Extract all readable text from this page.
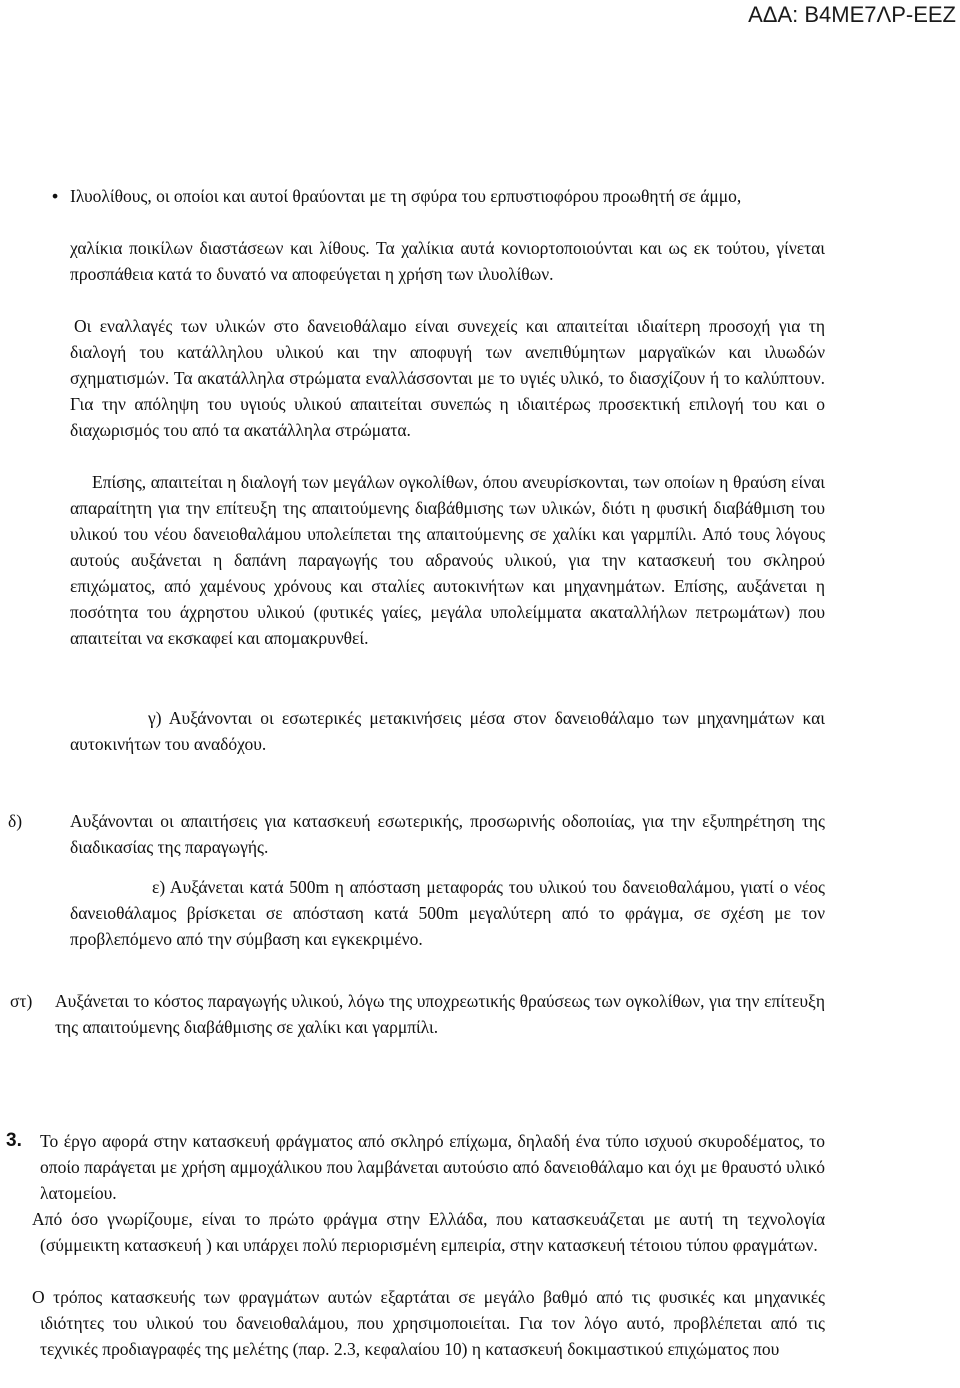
ΑΔΑ: Β4ΜΕ7ΛΡ-ΕΕΖ
• Ιλυολίθους, οι οποίοι και αυτοί θραύονται με τη σφύρα του ερπυστιοφόρου προωθητή σε άμμο,
χαλίκια ποικίλων διαστάσεων και λίθους. Τα χαλίκια αυτά κονιορτοποιούνται και ως εκ τούτου, γίνεται προσπάθεια κατά το δυνατό να αποφεύγεται η χρήση των ιλυολίθων.
Οι εναλλαγές των υλικών στο δανειοθάλαμο είναι συνεχείς και απαιτείται ιδιαίτερη προσοχή για τη διαλογή του κατάλληλου υλικού και την αποφυγή των ανεπιθύμητων μαργαϊκών και ιλυωδών σχηματισμών. Τα ακατάλληλα στρώματα εναλλάσσονται με το υγιές υλικό, το διασχίζουν ή το καλύπτουν. Για την απόληψη του υγιούς υλικού απαιτείται συνεπώς η ιδιαιτέρως προσεκτική επιλογή του και ο διαχωρισμός του από τα ακατάλληλα στρώματα.
Επίσης, απαιτείται η διαλογή των μεγάλων ογκολίθων, όπου ανευρίσκονται, των οποίων η θραύση είναι απαραίτητη για την επίτευξη της απαιτούμενης διαβάθμισης των υλικών, διότι η φυσική διαβάθμιση του υλικού του νέου δανειοθαλάμου υπολείπεται της απαιτούμενης σε χαλίκι και γαρμπίλι. Από τους λόγους αυτούς αυξάνεται η δαπάνη παραγωγής του αδρανούς υλικού, για την κατασκευή του σκληρού επιχώματος, από χαμένους χρόνους και σταλίες αυτοκινήτων και μηχανημάτων. Επίσης, αυξάνεται η ποσότητα του άχρηστου υλικού (φυτικές γαίες, μεγάλα υπολείμματα ακαταλλήλων πετρωμάτων) που απαιτείται να εκσκαφεί και απομακρυνθεί.
γ) Αυξάνονται οι εσωτερικές μετακινήσεις μέσα στον δανειοθάλαμο των μηχανημάτων και αυτοκινήτων του αναδόχου.
δ)	Αυξάνονται οι απαιτήσεις για κατασκευή εσωτερικής, προσωρινής οδοποιίας, για την εξυπηρέτηση της διαδικασίας της παραγωγής.
ε) Αυξάνεται κατά 500m η απόσταση μεταφοράς του υλικού του δανειοθαλάμου, γιατί ο νέος δανειοθάλαμος βρίσκεται σε απόσταση κατά 500m μεγαλύτερη από το φράγμα, σε σχέση με τον προβλεπόμενο από την σύμβαση και εγκεκριμένο.
στ) Αυξάνεται το κόστος παραγωγής υλικού, λόγω της υποχρεωτικής θραύσεως των ογκολίθων, για την επίτευξη της απαιτούμενης διαβάθμισης σε χαλίκι και γαρμπίλι.
3. Το έργο αφορά στην κατασκευή φράγματος από σκληρό επίχωμα, δηλαδή ένα τύπο ισχυού σκυροδέματος, το οποίο παράγεται με χρήση αμμοχάλικου που λαμβάνεται αυτούσιο από δανειοθάλαμο και όχι με θραυστό υλικό λατομείου.
Από όσο γνωρίζουμε, είναι το πρώτο φράγμα στην Ελλάδα, που κατασκευάζεται με αυτή τη τεχνολογία (σύμμεικτη κατασκευή ) και υπάρχει πολύ περιορισμένη εμπειρία, στην κατασκευή τέτοιου τύπου φραγμάτων.
Ο τρόπος κατασκευής των φραγμάτων αυτών εξαρτάται σε μεγάλο βαθμό από τις φυσικές και μηχανικές ιδιότητες του υλικού του δανειοθαλάμου, που χρησιμοποιείται. Για τον λόγο αυτό, προβλέπεται από τις τεχνικές προδιαγραφές της μελέτης (παρ. 2.3, κεφαλαίου 10) η κατασκευή δοκιμαστικού επιχώματος που
